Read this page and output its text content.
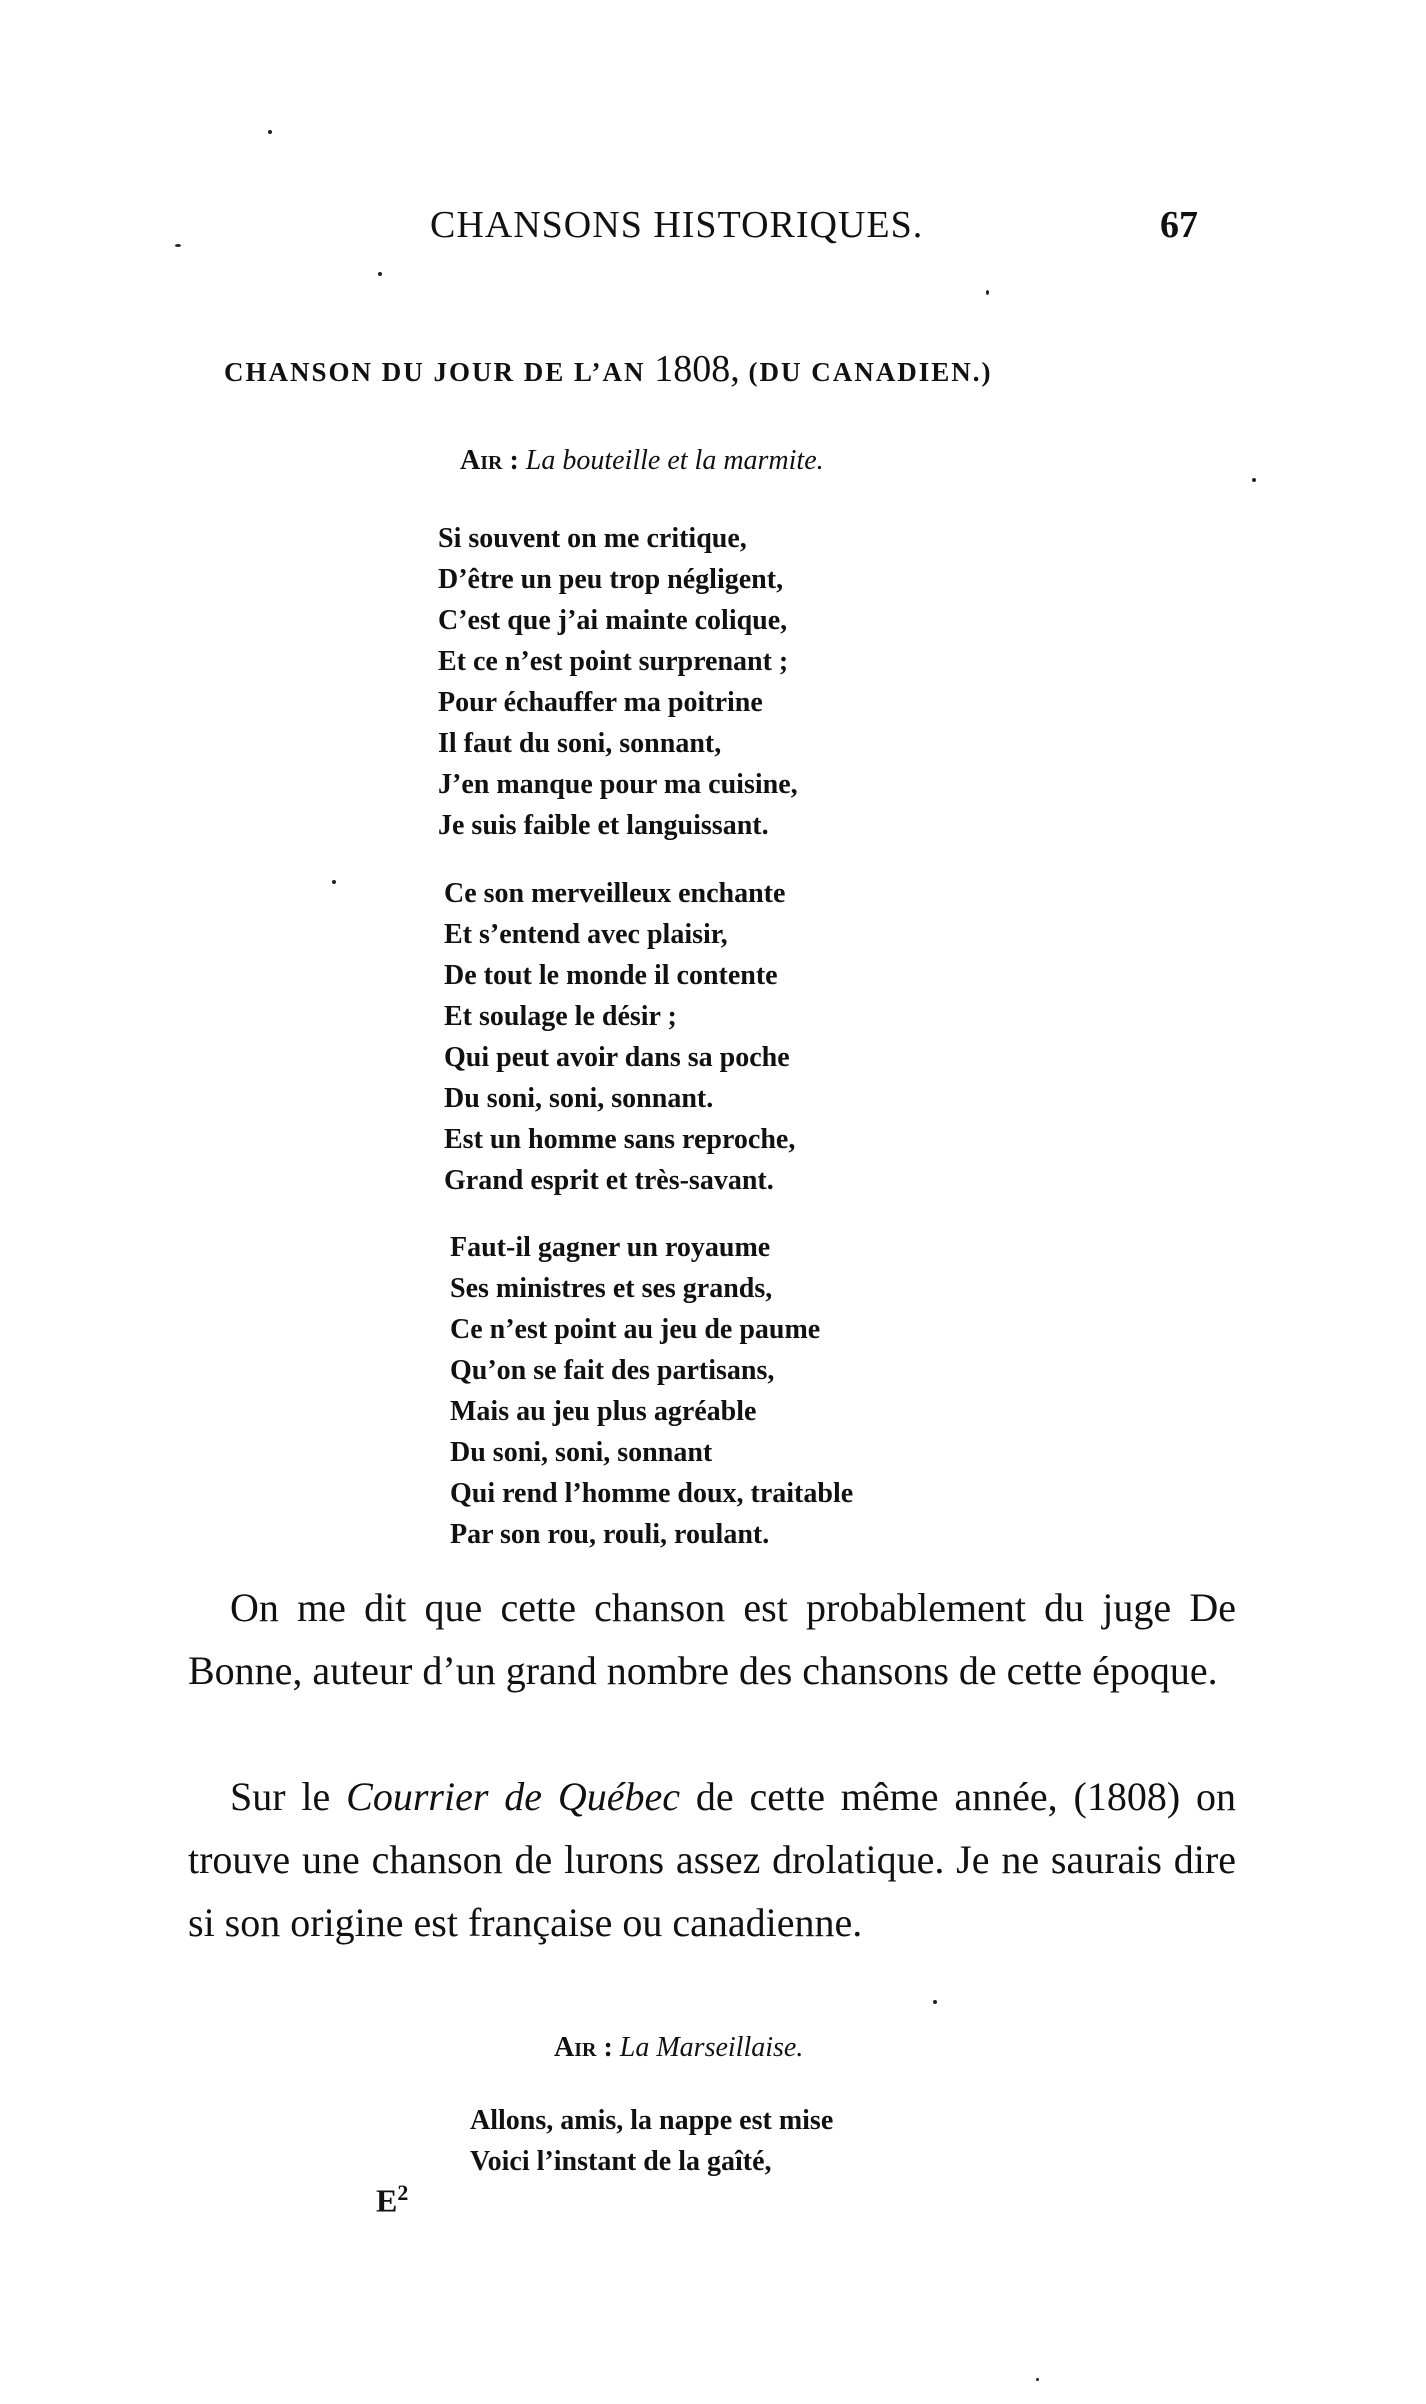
CHANSONS HISTORIQUES.	67
CHANSON DU JOUR DE L’AN 1808, (DU CANADIEN.)
Air : La bouteille et la marmite.
Si souvent on me critique,
D’être un peu trop négligent,
C’est que j’ai mainte colique,
Et ce n’est point surprenant ;
Pour échauffer ma poitrine
Il faut du soni, sonnant,
J’en manque pour ma cuisine,
Je suis faible et languissant.
Ce son merveilleux enchante
Et s’entend avec plaisir,
De tout le monde il contente
Et soulage le désir ;
Qui peut avoir dans sa poche
Du soni, soni, sonnant.
Est un homme sans reproche,
Grand esprit et très-savant.
Faut-il gagner un royaume
Ses ministres et ses grands,
Ce n’est point au jeu de paume
Qu’on se fait des partisans,
Mais au jeu plus agréable
Du soni, soni, sonnant
Qui rend l’homme doux, traitable
Par son rou, rouli, roulant.

On me dit que cette chanson est probablement du juge De Bonne, auteur d’un grand nombre des chansons de cette époque.

Sur le Courrier de Québec de cette même année, (1808) on trouve une chanson de lurons assez drolatique. Je ne saurais dire si son origine est française ou canadienne.

Air : La Marseillaise.
Allons, amis, la nappe est mise
Voici l’instant de la gaîté,
$E^2$
